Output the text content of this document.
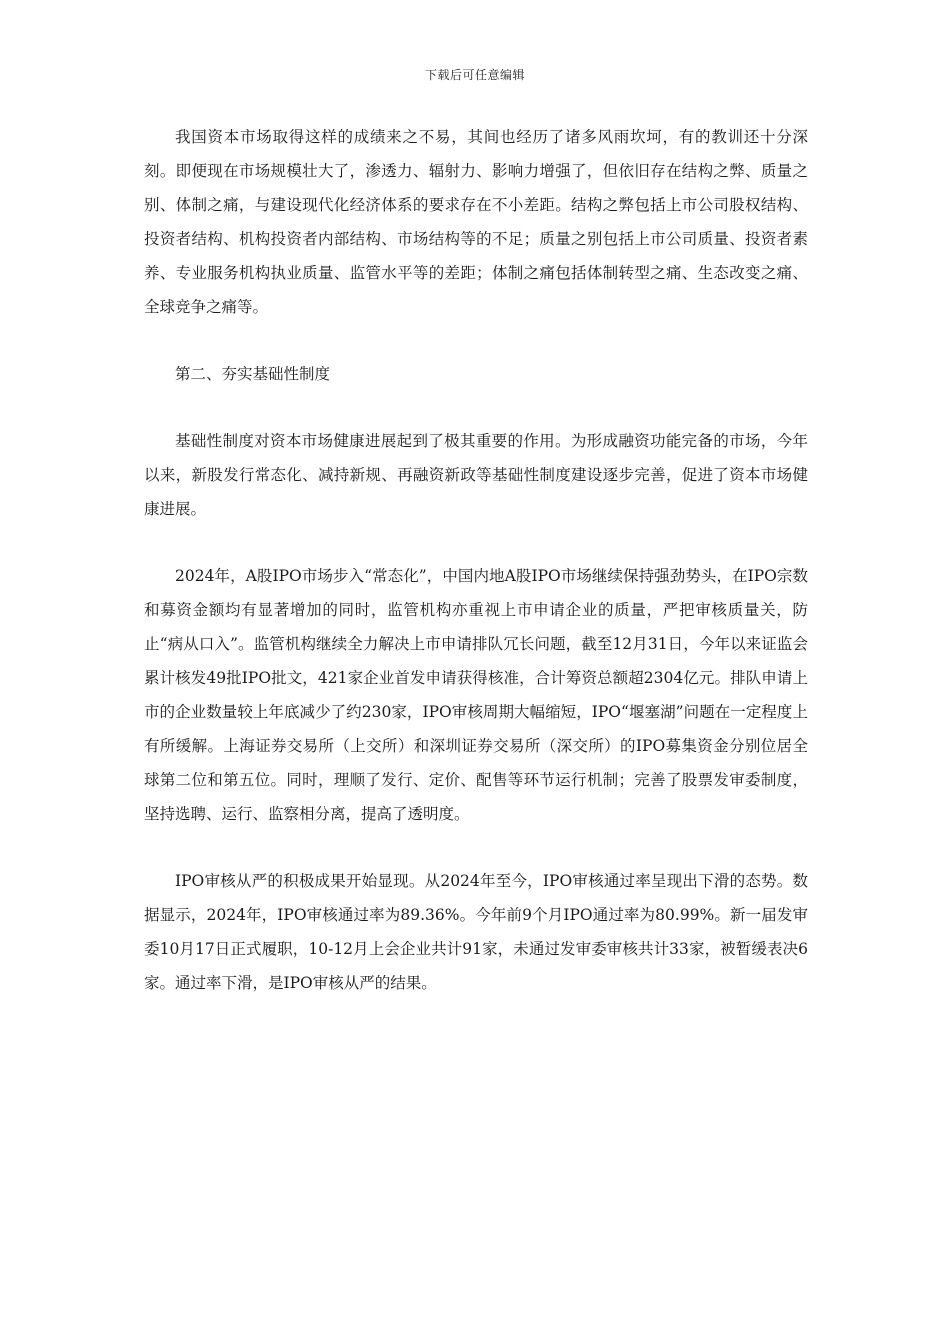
下载后可任意编辑

我国资本市场取得这样的成绩来之不易，其间也经历了诸多风雨坎坷，有的教训还十分深刻。即便现在市场规模壮大了，渗透力、辐射力、影响力增强了，但依旧存在结构之弊、质量之别、体制之痛，与建设现代化经济体系的要求存在不小差距。结构之弊包括上市公司股权结构、投资者结构、机构投资者内部结构、市场结构等的不足；质量之别包括上市公司质量、投资者素养、专业服务机构执业质量、监管水平等的差距；体制之痛包括体制转型之痛、生态改变之痛、全球竞争之痛等。

第二、夯实基础性制度

基础性制度对资本市场健康进展起到了极其重要的作用。为形成融资功能完备的市场，今年以来，新股发行常态化、减持新规、再融资新政等基础性制度建设逐步完善，促进了资本市场健康进展。

2024年，A股IPO市场步入“常态化”，中国内地A股IPO市场继续保持强劲势头，在IPO宗数和募资金额均有显著增加的同时，监管机构亦重视上市申请企业的质量，严把审核质量关，防止“病从口入”。监管机构继续全力解决上市申请排队冗长问题，截至12月31日，今年以来证监会累计核发49批IPO批文，421家企业首发申请获得核准，合计筹资总额超2304亿元。排队申请上市的企业数量较上年底减少了约230家，IPO审核周期大幅缩短，IPO“堰塞湖”问题在一定程度上有所缓解。上海证券交易所（上交所）和深圳证券交易所（深交所）的IPO募集资金分别位居全球第二位和第五位。同时，理顺了发行、定价、配售等环节运行机制；完善了股票发审委制度，坚持选聘、运行、监察相分离，提高了透明度。

IPO审核从严的积极成果开始显现。从2024年至今，IPO审核通过率呈现出下滑的态势。数据显示，2024年，IPO审核通过率为89.36%。今年前9个月IPO通过率为80.99%。新一届发审委10月17日正式履职，10-12月上会企业共计91家，未通过发审委审核共计33家，被暂缓表决6家。通过率下滑，是IPO审核从严的结果。
